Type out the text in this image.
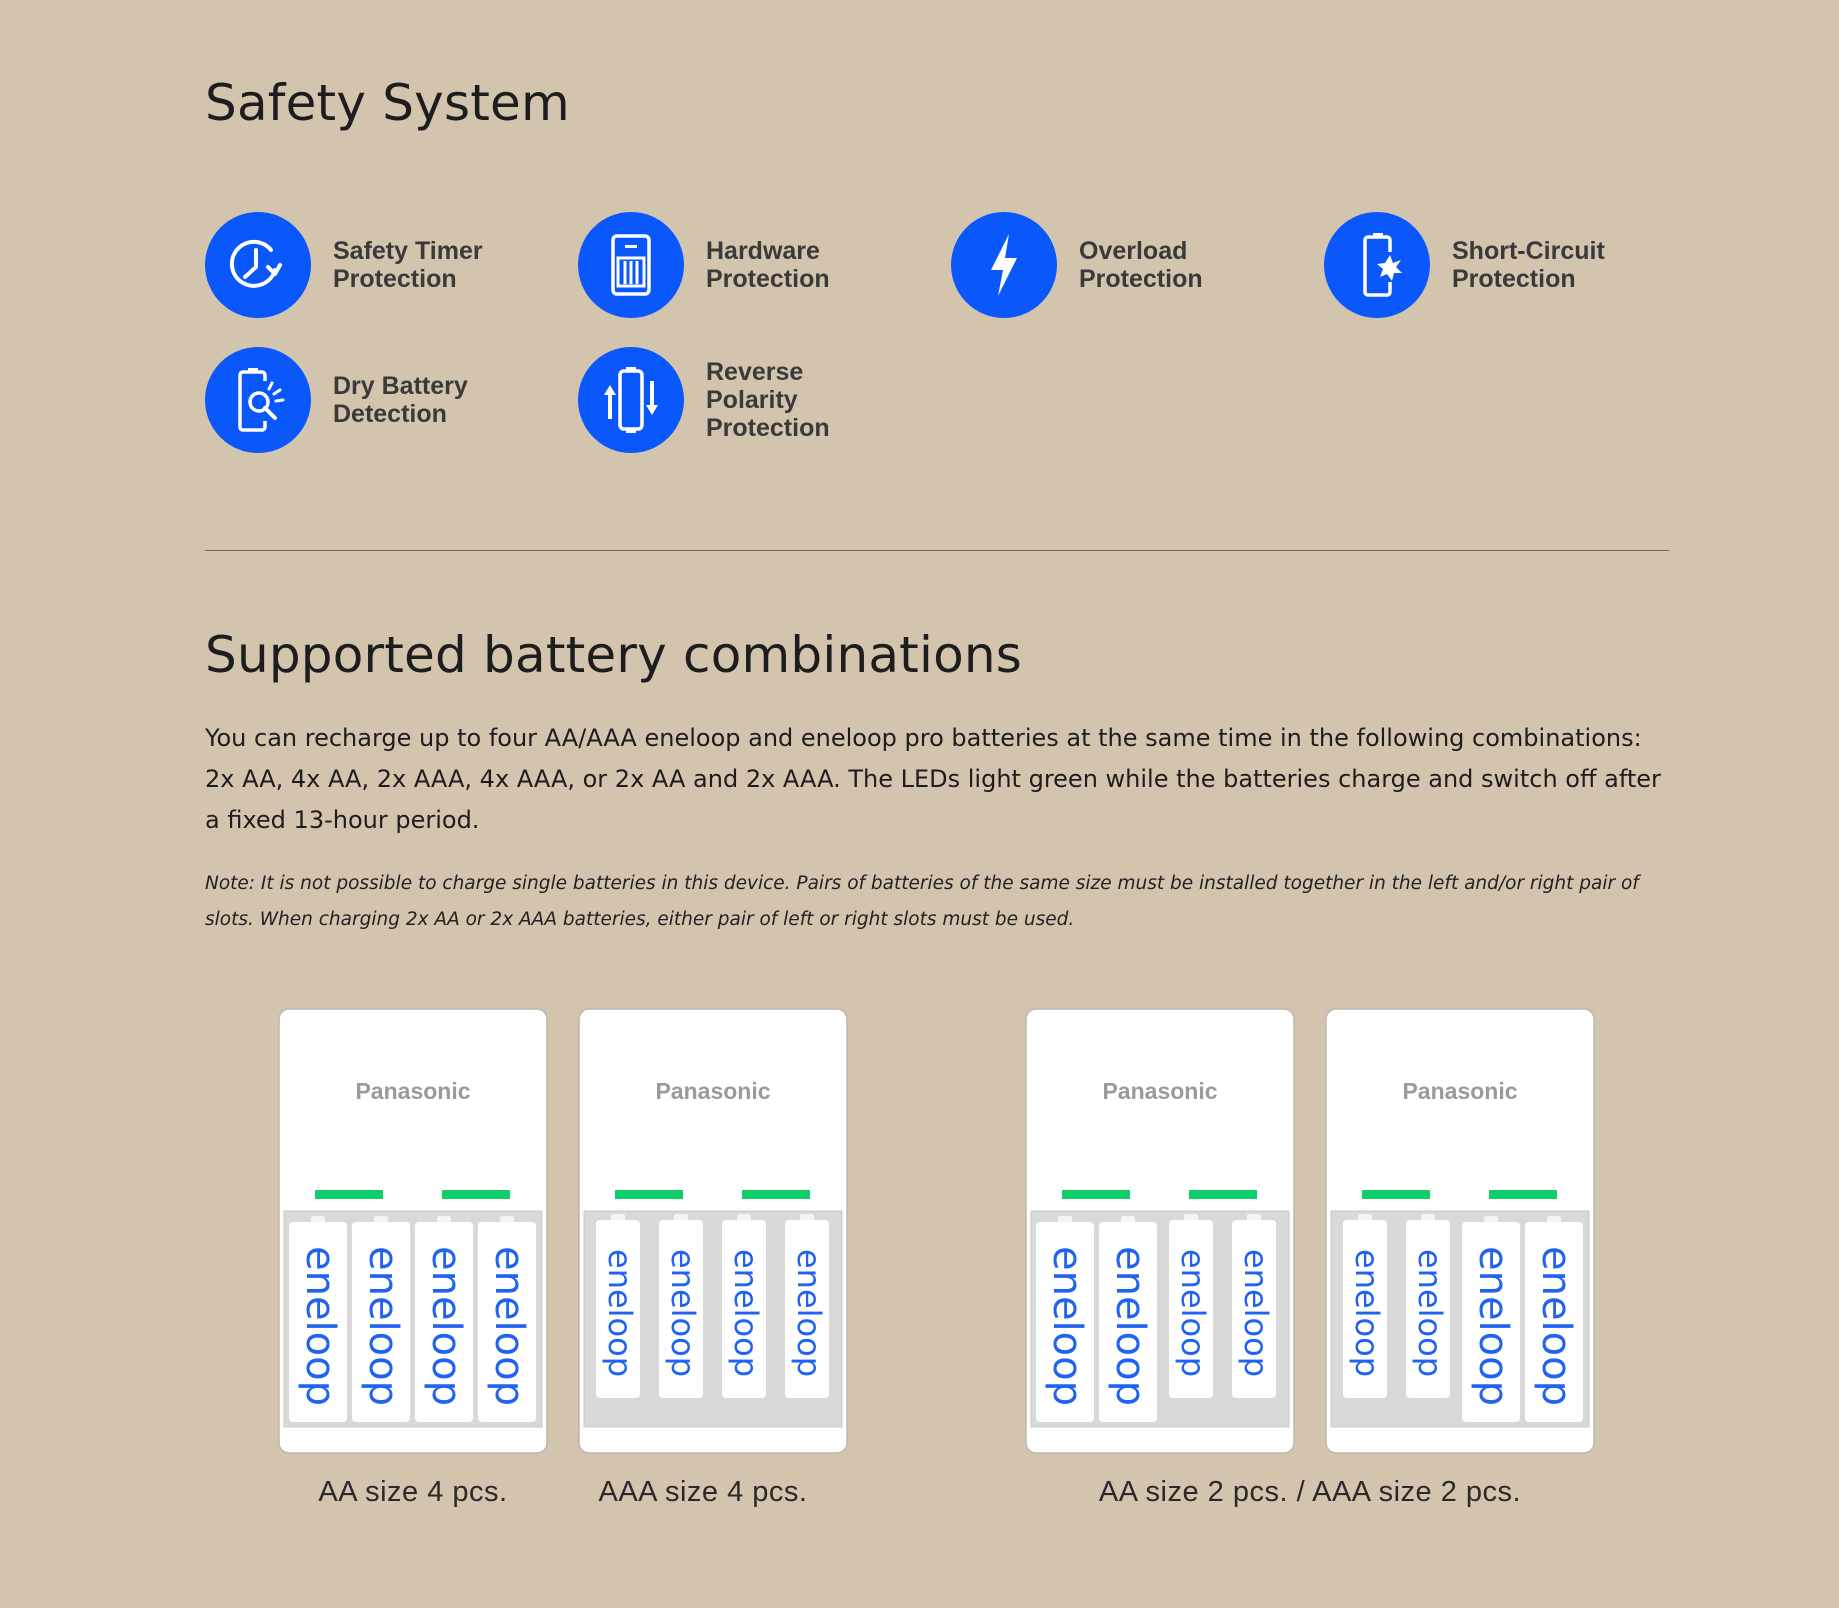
Safety System
Safety Timer
Protection
Hardware
Protection
Overload
Protection
Short-Circuit
Protection
Dry Battery
Detection
Reverse
Polarity
Protection
Supported battery combinations
You can recharge up to four AA/AAA eneloop and eneloop pro batteries at the same time in the following combinations: 2x AA, 4x AA, 2x AAA, 4x AAA, or 2x AA and 2x AAA. The LEDs light green while the batteries charge and switch off after a fixed 13-hour period.
Note: It is not possible to charge single batteries in this device. Pairs of batteries of the same size must be installed together in the left and/or right pair of slots. When charging 2x AA or 2x AAA batteries, either pair of left or right slots must be used.
Panasonic
eneloop eneloop eneloop eneloop
Panasonic
eneloop eneloop eneloop eneloop
Panasonic
eneloop eneloop eneloop eneloop
Panasonic
eneloop eneloop eneloop eneloop
AA size 4 pcs.	AAA size 4 pcs.	AA size 2 pcs. / AAA size 2 pcs.
